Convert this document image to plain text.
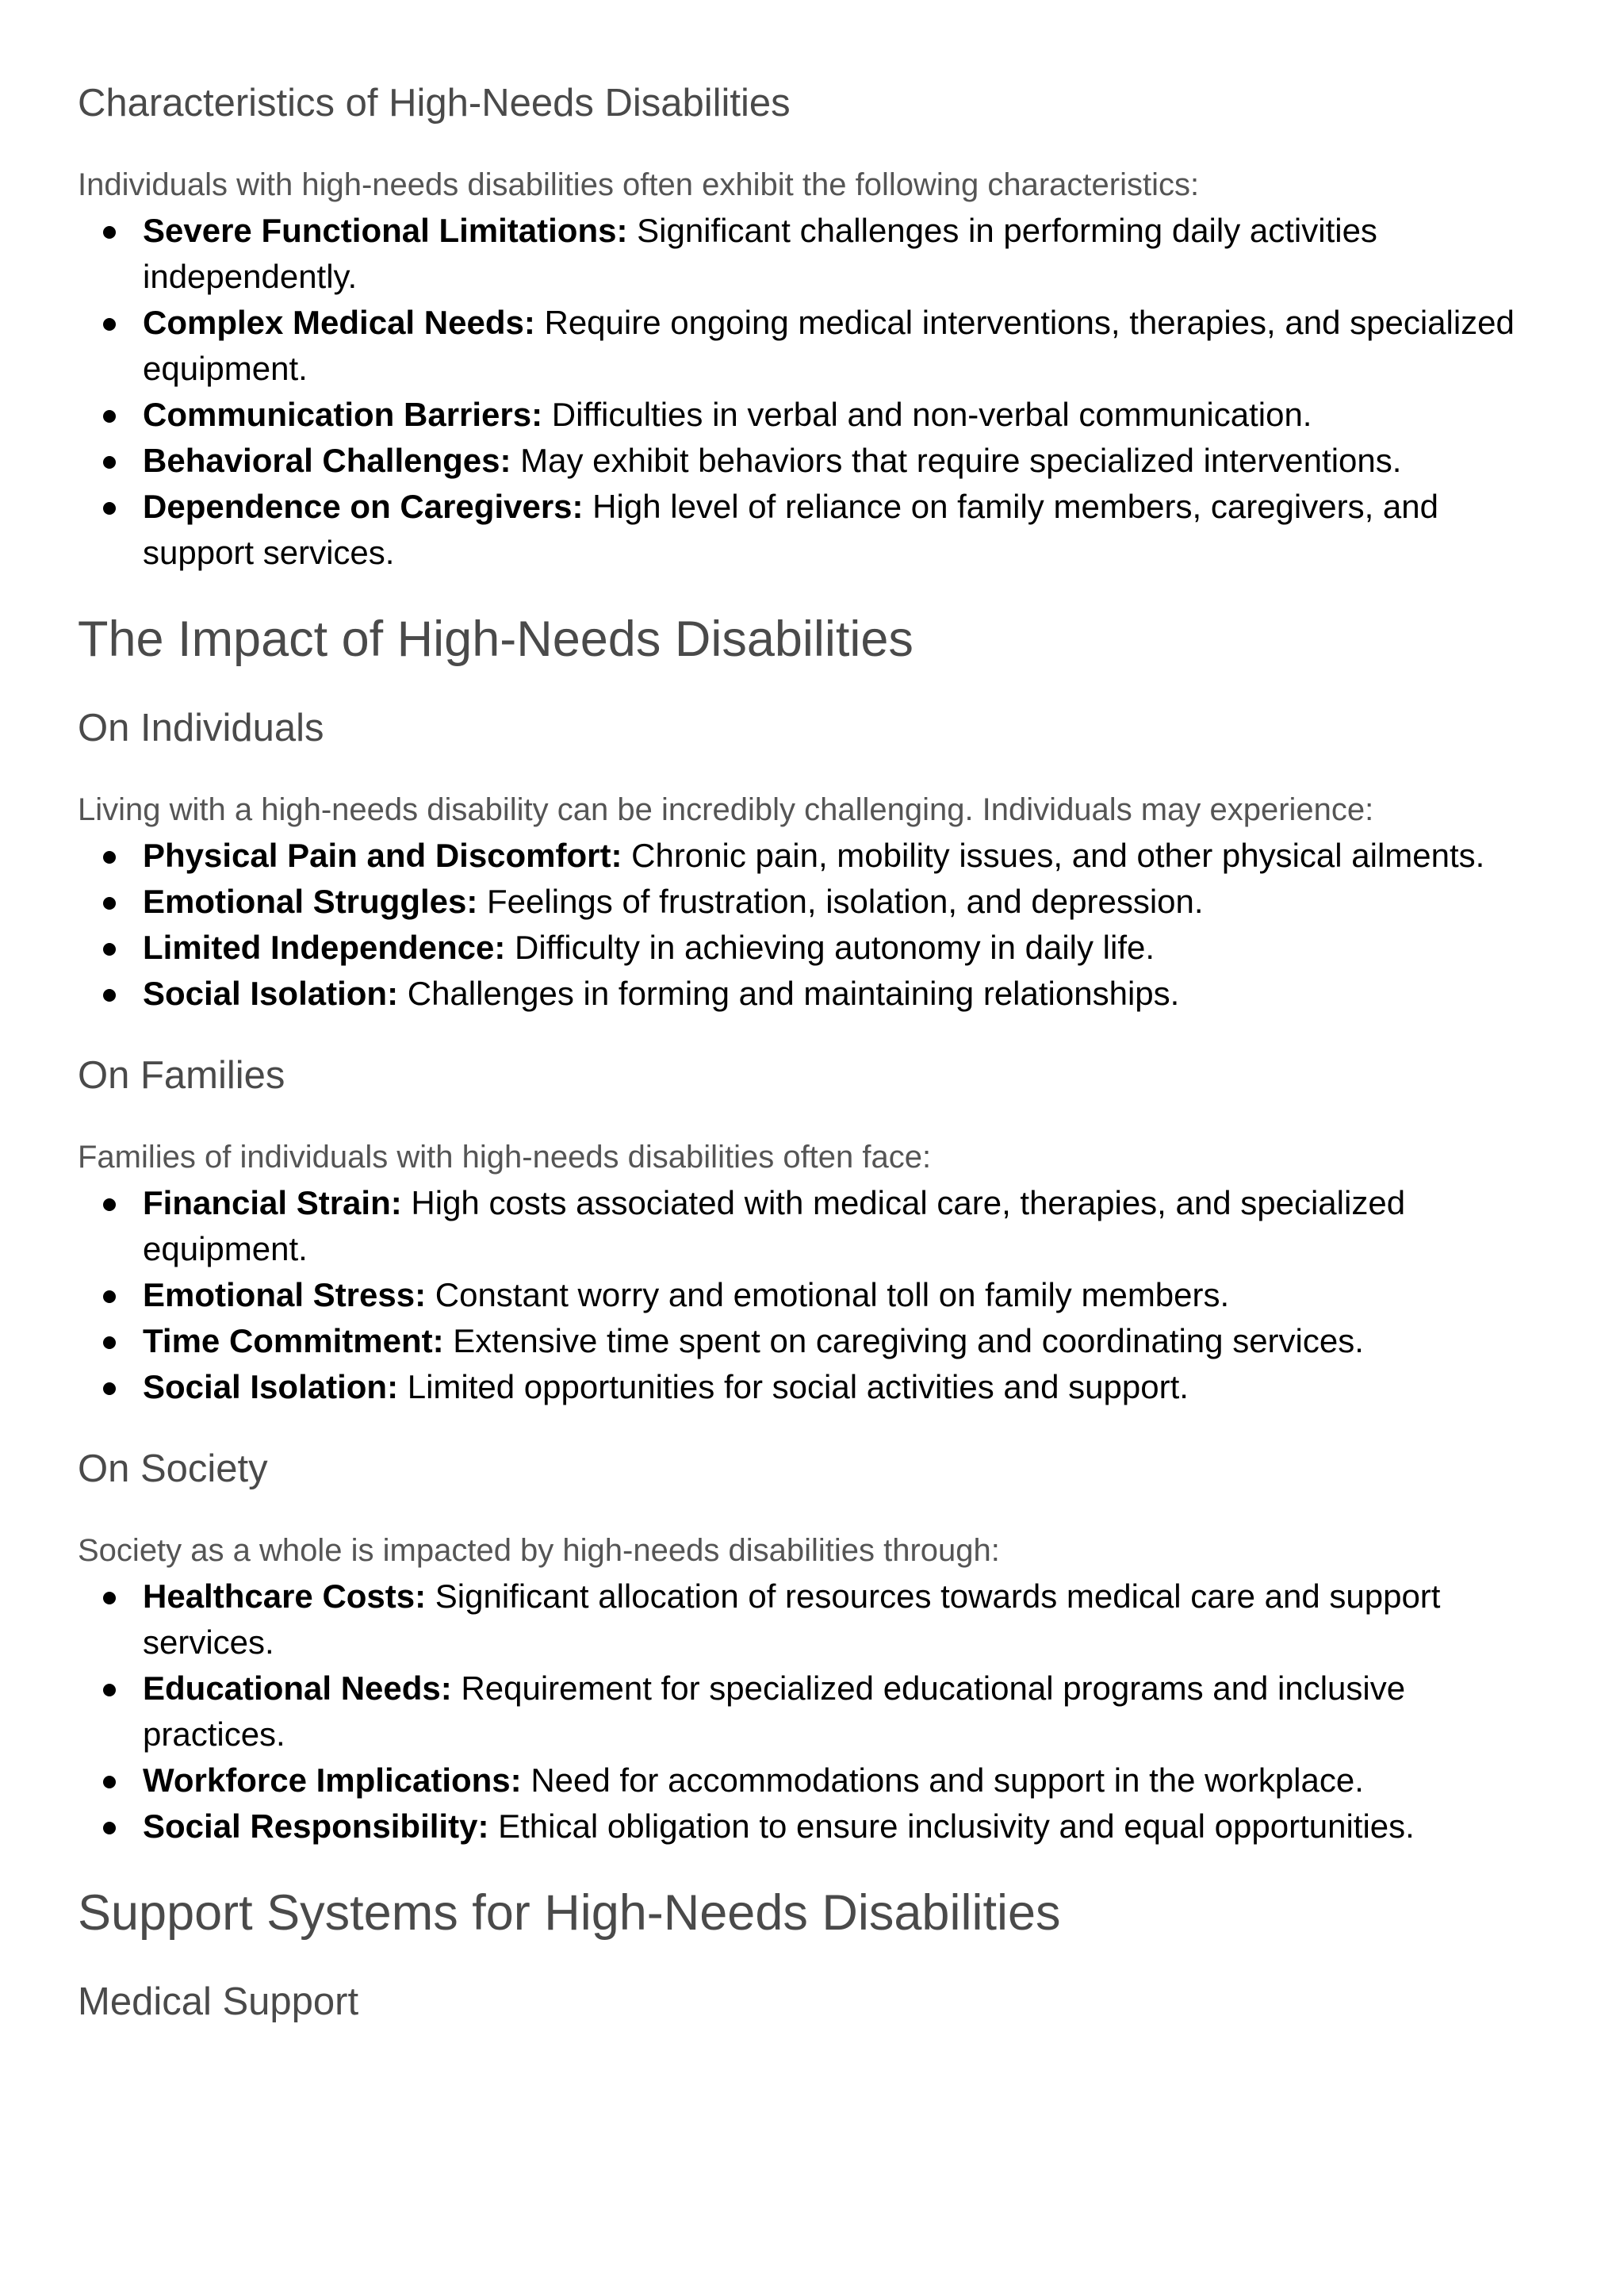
Characteristics of High-Needs Disabilities

Individuals with high-needs disabilities often exhibit the following characteristics:

Severe Functional Limitations: Significant challenges in performing daily activities independently.
Complex Medical Needs: Require ongoing medical interventions, therapies, and specialized equipment.
Communication Barriers: Difficulties in verbal and non-verbal communication.
Behavioral Challenges: May exhibit behaviors that require specialized interventions.
Dependence on Caregivers: High level of reliance on family members, caregivers, and support services.
The Impact of High-Needs Disabilities
On Individuals

Living with a high-needs disability can be incredibly challenging. Individuals may experience:

Physical Pain and Discomfort: Chronic pain, mobility issues, and other physical ailments.
Emotional Struggles: Feelings of frustration, isolation, and depression.
Limited Independence: Difficulty in achieving autonomy in daily life.
Social Isolation: Challenges in forming and maintaining relationships.
On Families

Families of individuals with high-needs disabilities often face:

Financial Strain: High costs associated with medical care, therapies, and specialized equipment.
Emotional Stress: Constant worry and emotional toll on family members.
Time Commitment: Extensive time spent on caregiving and coordinating services.
Social Isolation: Limited opportunities for social activities and support.
On Society

Society as a whole is impacted by high-needs disabilities through:

Healthcare Costs: Significant allocation of resources towards medical care and support services.
Educational Needs: Requirement for specialized educational programs and inclusive practices.
Workforce Implications: Need for accommodations and support in the workplace.
Social Responsibility: Ethical obligation to ensure inclusivity and equal opportunities.
Support Systems for High-Needs Disabilities
Medical Support
